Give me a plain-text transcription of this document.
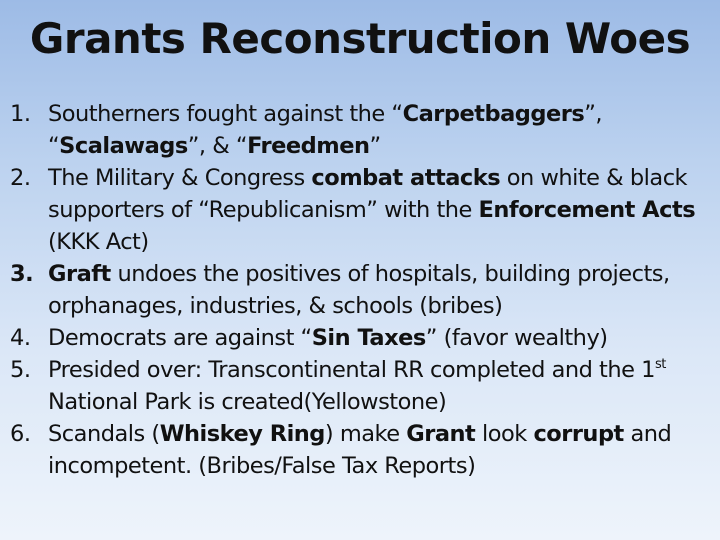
Grants Reconstruction Woes
1. Southerners fought against the “Carpetbaggers”, “Scalawags”, & “Freedmen”
2. The Military & Congress combat attacks on white & black supporters of “Republicanism” with the Enforcement Acts (KKK Act)
3. Graft undoes the positives of hospitals, building projects, orphanages, industries, & schools (bribes)
4. Democrats are against “Sin Taxes” (favor wealthy)
5. Presided over: Transcontinental RR completed and the 1st National Park is created(Yellowstone)
6. Scandals (Whiskey Ring) make Grant look corrupt and incompetent. (Bribes/False Tax Reports)
